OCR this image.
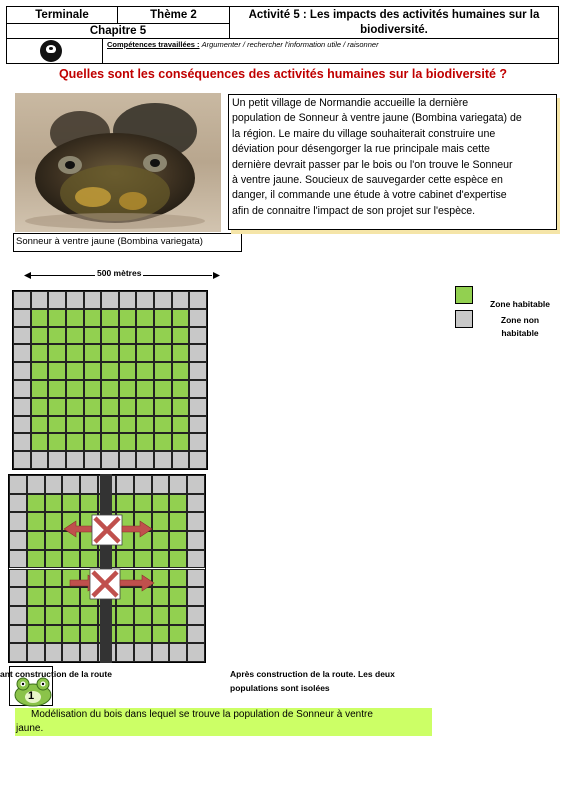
Terminale	Thème 2
Chapitre 5
Activité 5 : Les impacts des activités humaines sur la
biodiversité.
Compétences travaillées : Argumenter / rechercher l'information utile / raisonner
Quelles sont les conséquences des activités humaines sur la biodiversité ?
Sonneur à ventre jaune (Bombina variegata)
Un petit village de Normandie accueille la dernière
population de Sonneur à ventre jaune (Bombina variegata) de
la région. Le maire du village souhaiterait construire une
déviation pour désengorger la rue principale mais cette
dernière devrait passer par le bois ou l'on trouve le Sonneur
à ventre jaune. Soucieux de sauvegarder cette espèce en
danger, il commande une étude à votre cabinet d'expertise
afin de connaitre l'impact de son projet sur l'espèce.
500 mètres
Zone habitable
Zone non
habitable
1
ant construction de la route	Après construction de la route. Les deux
populations sont isolées
Modélisation du bois dans lequel se trouve la population de Sonneur à ventre
jaune.
